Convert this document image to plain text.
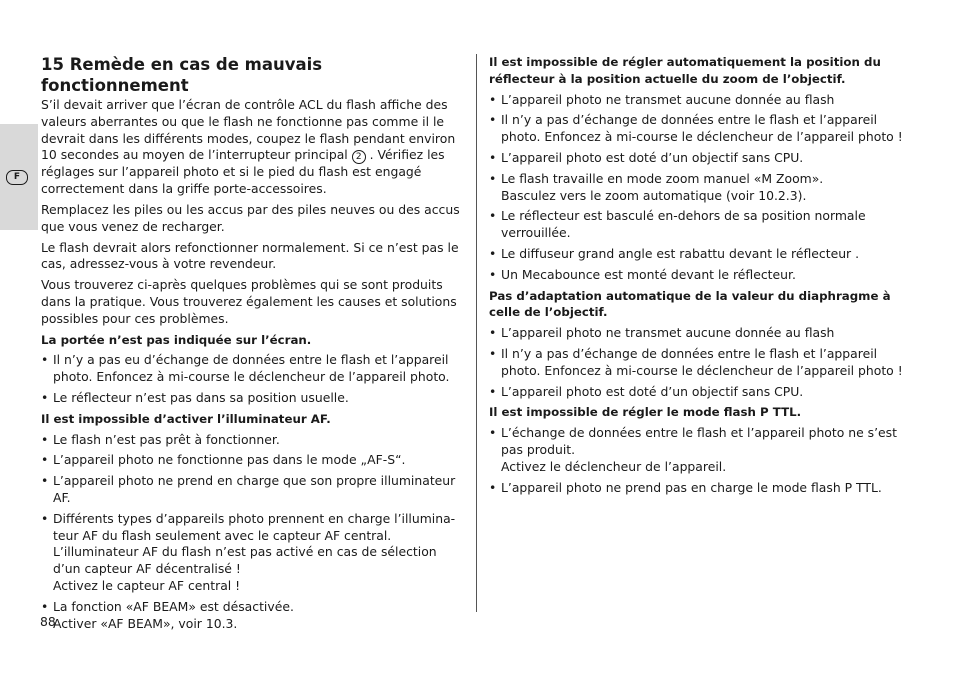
F
15 Remède en cas de mauvais fonctionnement

S’il devait arriver que l’écran de contrôle ACL du flash affiche des valeurs aberrantes ou que le flash ne fonctionne pas comme il le devrait dans les différents modes, coupez le flash pendant environ 10 secondes au moyen de l’interrupteur principal 2 . Vérifiez les réglages sur l’appareil photo et si le pied du flash est engagé correctement dans la griffe porte-accessoires.

Remplacez les piles ou les accus par des piles neuves ou des accus que vous venez de recharger.

Le flash devrait alors refonctionner normalement. Si ce n’est pas le cas, adressez-vous à votre revendeur.

Vous trouverez ci-après quelques problèmes qui se sont produits dans la pratique. Vous trouverez également les causes et solutions possibles pour ces problèmes.

La portée n’est pas indiquée sur l’écran.
• Il n’y a pas eu d’échange de données entre le flash et l’appareil photo. Enfoncez à mi-course le déclencheur de l’appareil photo.
• Le réflecteur n’est pas dans sa position usuelle.
Il est impossible d’activer l’illuminateur AF.
• Le flash n’est pas prêt à fonctionner.
• L’appareil photo ne fonctionne pas dans le mode „AF-S“.
• L’appareil photo ne prend en charge que son propre illuminateur AF.
• Différents types d’appareils photo prennent en charge l’illumina-
teur AF du flash seulement avec le capteur AF central.
L’illuminateur AF du flash n’est pas activé en cas de sélection d’un capteur AF décentralisé !
Activez le capteur AF central !
• La fonction «AF BEAM» est désactivée.
Activer «AF BEAM», voir 10.3.
Il est impossible de régler automatiquement la position du réflecteur à la position actuelle du zoom de l’objectif.
• L’appareil photo ne transmet aucune donnée au flash
• Il n’y a pas d’échange de données entre le flash et l’appareil photo. Enfoncez à mi-course le déclencheur de l’appareil photo !
• L’appareil photo est doté d’un objectif sans CPU.
• Le flash travaille en mode zoom manuel «M Zoom».
Basculez vers le zoom automatique (voir 10.2.3).
• Le réflecteur est basculé en-dehors de sa position normale verrouillée.
• Le diffuseur grand angle est rabattu devant le réflecteur .
• Un Mecabounce est monté devant le réflecteur.
Pas d’adaptation automatique de la valeur du diaphragme à celle de l’objectif.
• L’appareil photo ne transmet aucune donnée au flash
• Il n’y a pas d’échange de données entre le flash et l’appareil photo. Enfoncez à mi-course le déclencheur de l’appareil photo !
• L’appareil photo est doté d’un objectif sans CPU.
Il est impossible de régler le mode flash P TTL.
• L’échange de données entre le flash et l’appareil photo ne s’est pas produit.
Activez le déclencheur de l’appareil.
• L’appareil photo ne prend pas en charge le mode flash P TTL.
88
